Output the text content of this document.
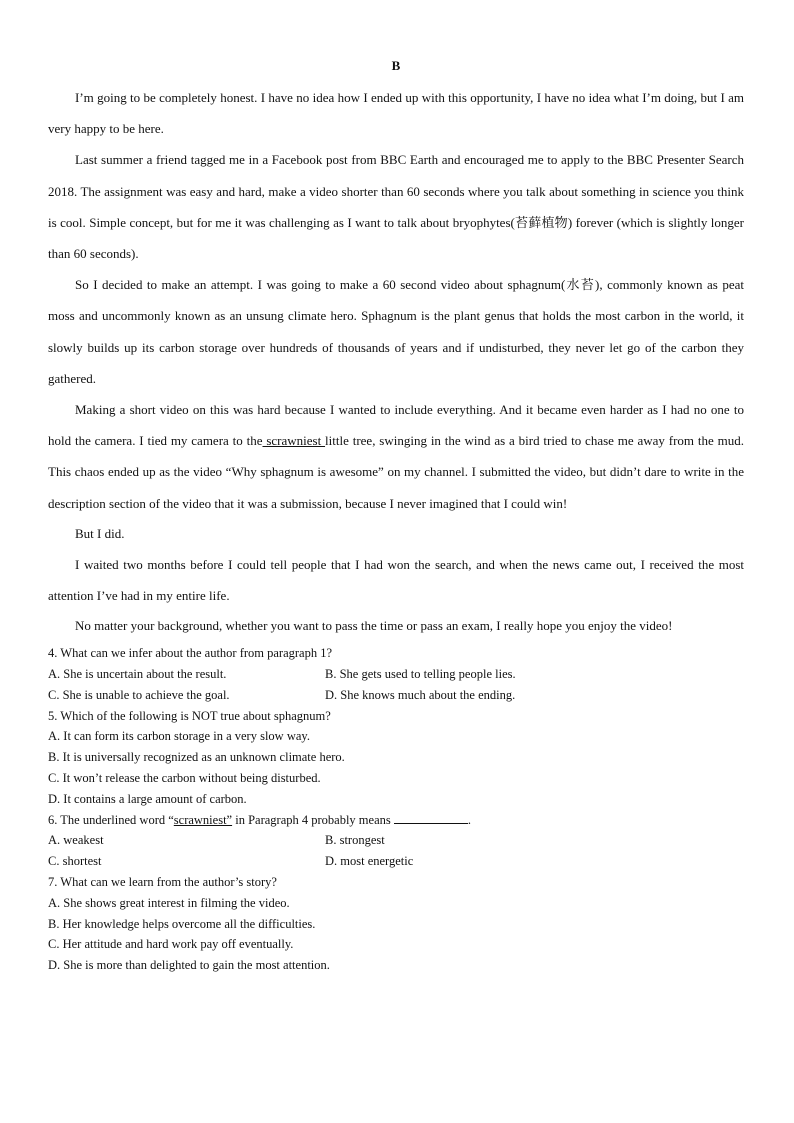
B

I’m going to be completely honest. I have no idea how I ended up with this opportunity, I have no idea what I’m doing, but I am very happy to be here.

Last summer a friend tagged me in a Facebook post from BBC Earth and encouraged me to apply to the BBC Presenter Search 2018. The assignment was easy and hard, make a video shorter than 60 seconds where you talk about something in science you think is cool. Simple concept, but for me it was challenging as I want to talk about bryophytes(苔藓植物) forever (which is slightly longer than 60 seconds).

So I decided to make an attempt. I was going to make a 60 second video about sphagnum(水苔), commonly known as peat moss and uncommonly known as an unsung climate hero. Sphagnum is the plant genus that holds the most carbon in the world, it slowly builds up its carbon storage over hundreds of thousands of years and if undisturbed, they never let go of the carbon they gathered.

Making a short video on this was hard because I wanted to include everything. And it became even harder as I had no one to hold the camera. I tied my camera to the scrawniest little tree, swinging in the wind as a bird tried to chase me away from the mud. This chaos ended up as the video “Why sphagnum is awesome” on my channel. I submitted the video, but didn’t dare to write in the description section of the video that it was a submission, because I never imagined that I could win!

But I did.

I waited two months before I could tell people that I had won the search, and when the news came out, I received the most attention I’ve had in my entire life.

No matter your background, whether you want to pass the time or pass an exam, I really hope you enjoy the video!

4. What can we infer about the author from paragraph 1?

A. She is uncertain about the result.	B. She gets used to telling people lies.
C. She is unable to achieve the goal.	D. She knows much about the ending.

5. Which of the following is NOT true about sphagnum?

A. It can form its carbon storage in a very slow way.

B. It is universally recognized as an unknown climate hero.

C. It won’t release the carbon without being disturbed.

D. It contains a large amount of carbon.

6. The underlined word “scrawniest” in Paragraph 4 probably means	.

A. weakest	B. strongest
C. shortest	D. most energetic

7. What can we learn from the author’s story?

A. She shows great interest in filming the video.

B. Her knowledge helps overcome all the difficulties.

C. Her attitude and hard work pay off eventually.

D. She is more than delighted to gain the most attention.
